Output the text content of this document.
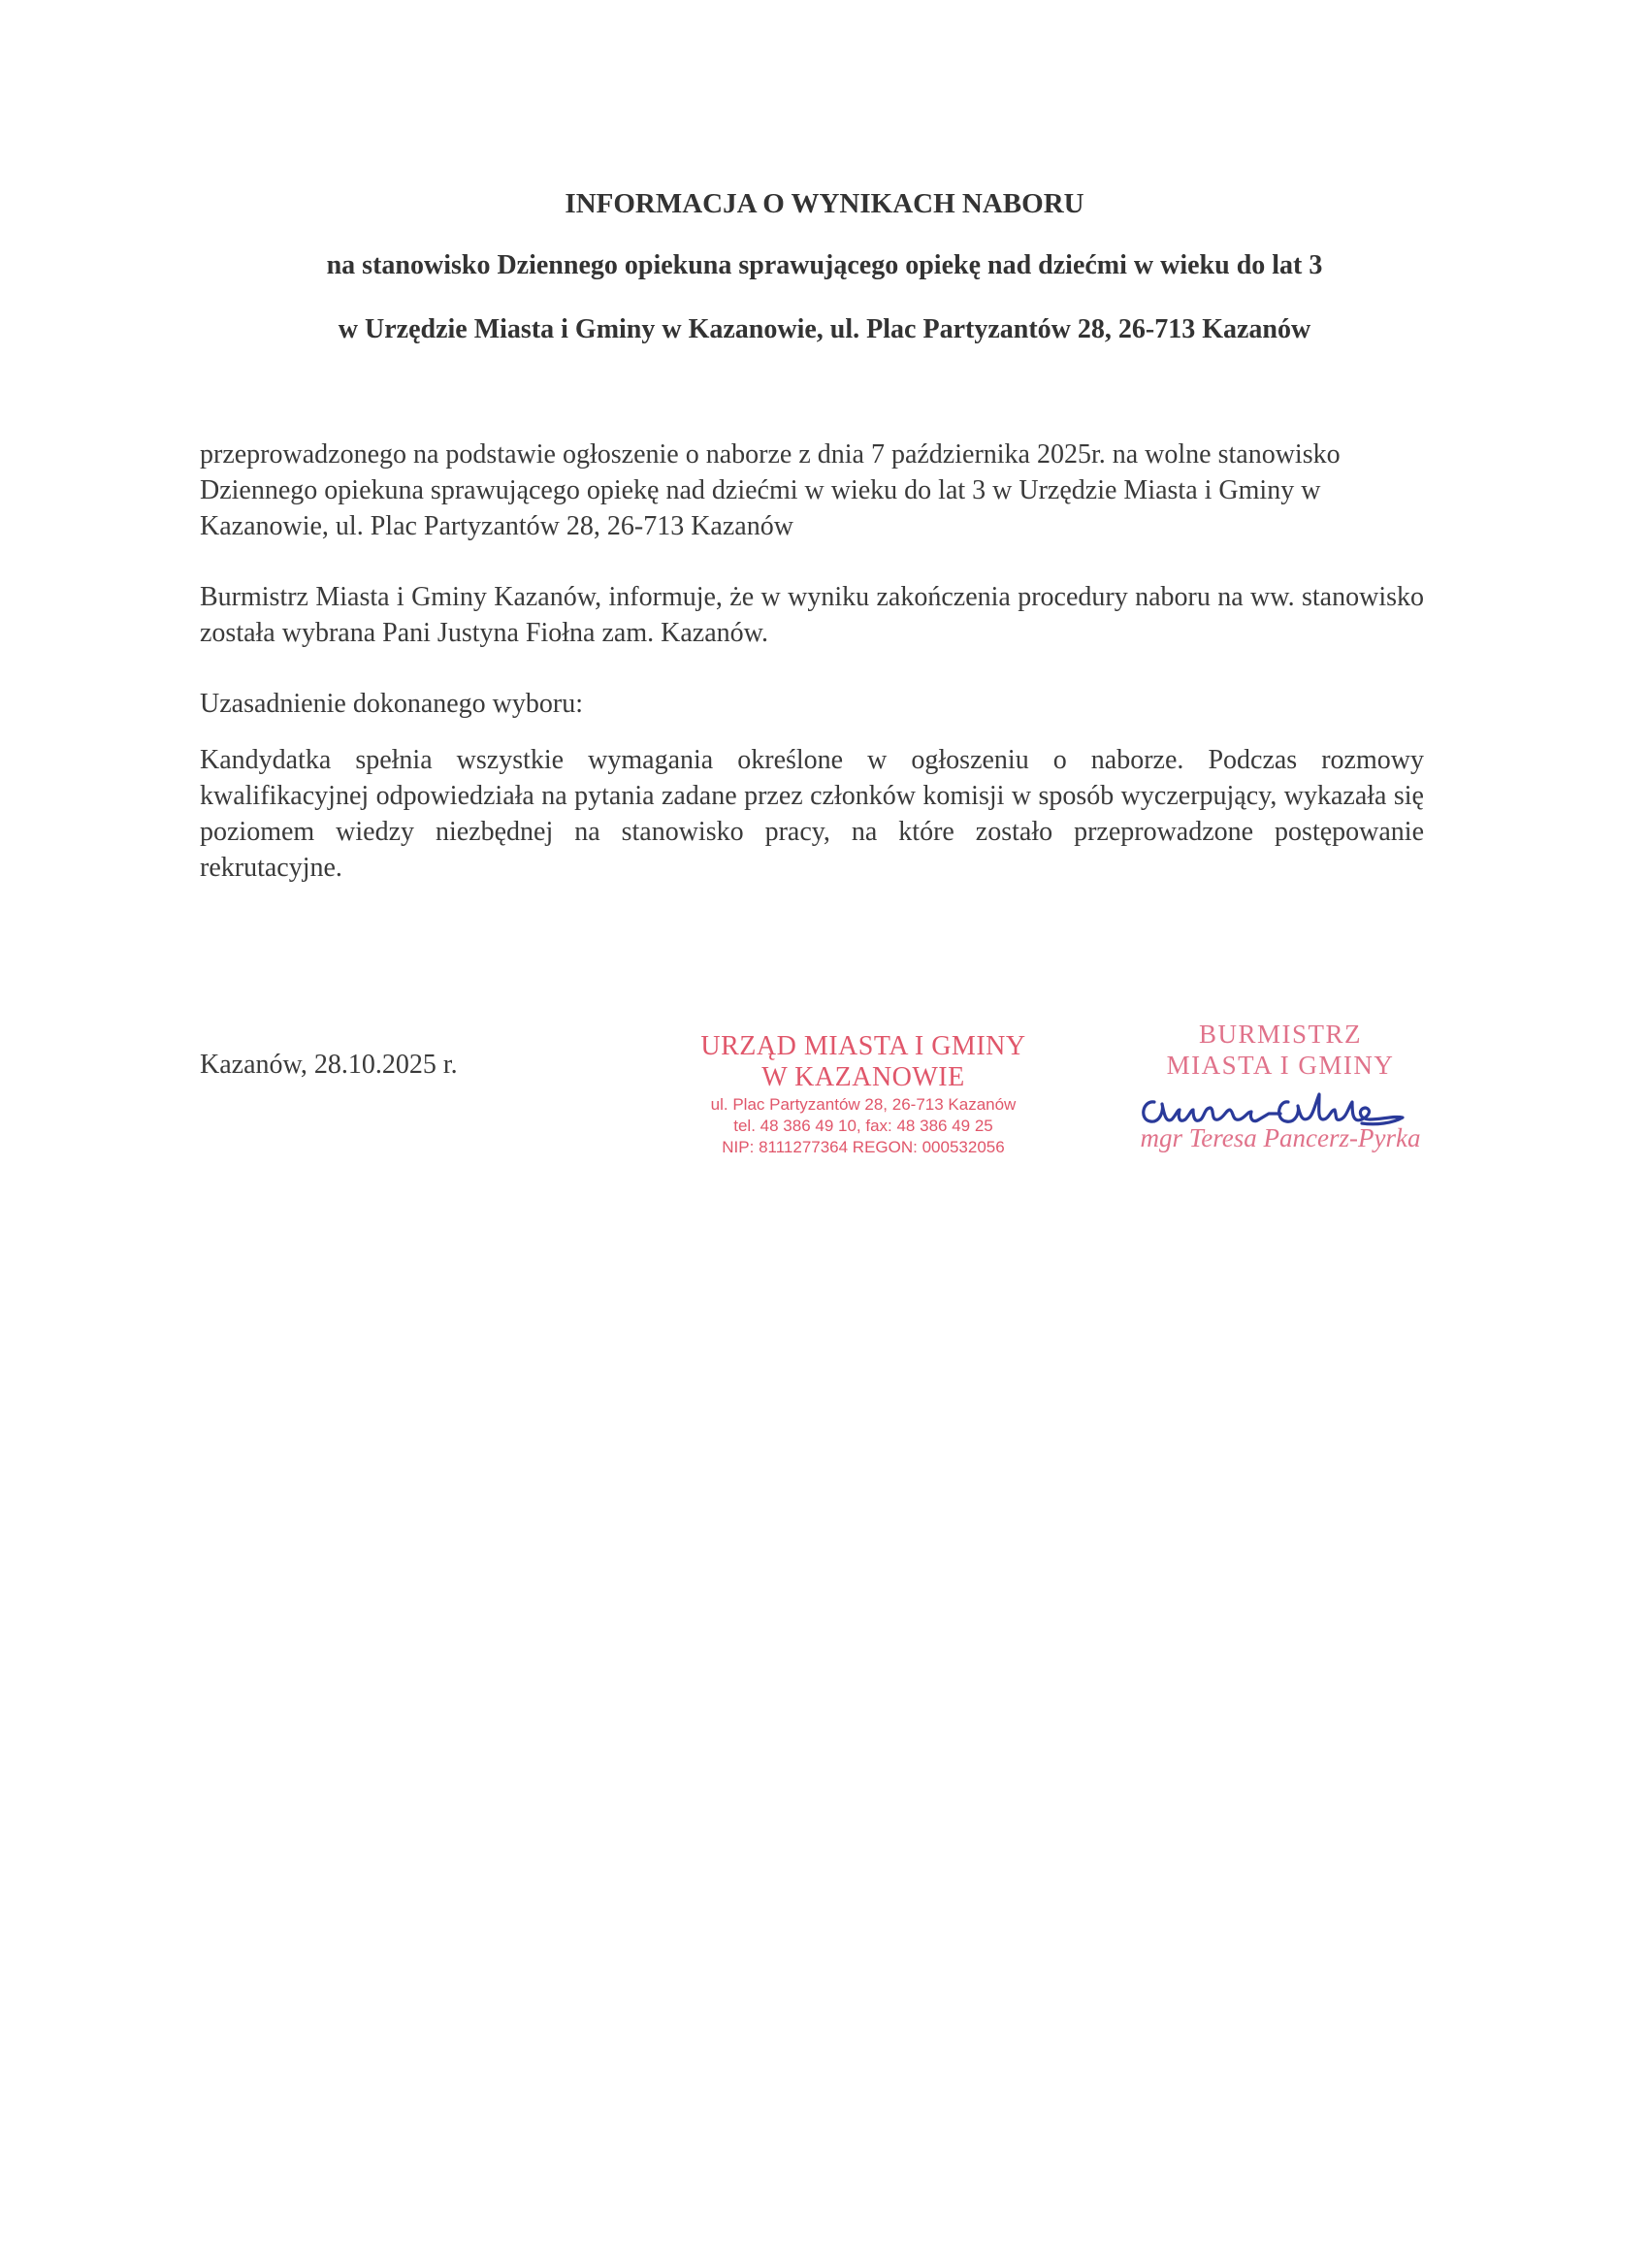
INFORMACJA O WYNIKACH NABORU
na stanowisko Dziennego opiekuna sprawującego opiekę nad dziećmi w wieku do lat 3
w Urzędzie Miasta i Gminy w Kazanowie, ul. Plac Partyzantów 28, 26-713 Kazanów
przeprowadzonego na podstawie ogłoszenie o naborze z dnia 7 października 2025r. na wolne stanowisko Dziennego opiekuna sprawującego opiekę nad dziećmi w wieku do lat 3 w Urzędzie Miasta i Gminy w Kazanowie, ul. Plac Partyzantów 28, 26-713 Kazanów
Burmistrz Miasta i Gminy Kazanów, informuje, że w wyniku zakończenia procedury naboru na ww. stanowisko została wybrana Pani Justyna Fiołna zam. Kazanów.
Uzasadnienie dokonanego wyboru:
Kandydatka spełnia wszystkie wymagania określone w ogłoszeniu o naborze. Podczas rozmowy kwalifikacyjnej odpowiedziała na pytania zadane przez członków komisji w sposób wyczerpujący, wykazała się poziomem wiedzy niezbędnej na stanowisko pracy, na które zostało przeprowadzone postępowanie rekrutacyjne.
Kazanów, 28.10.2025 r.
URZĄD MIASTA I GMINY
W KAZANOWIE
ul. Plac Partyzantów 28, 26-713 Kazanów
tel. 48 386 49 10, fax: 48 386 49 25
NIP: 8111277364 REGON: 000532056
BURMISTRZ
MIASTA I GMINY
mgr Teresa Pancerz-Pyrka
